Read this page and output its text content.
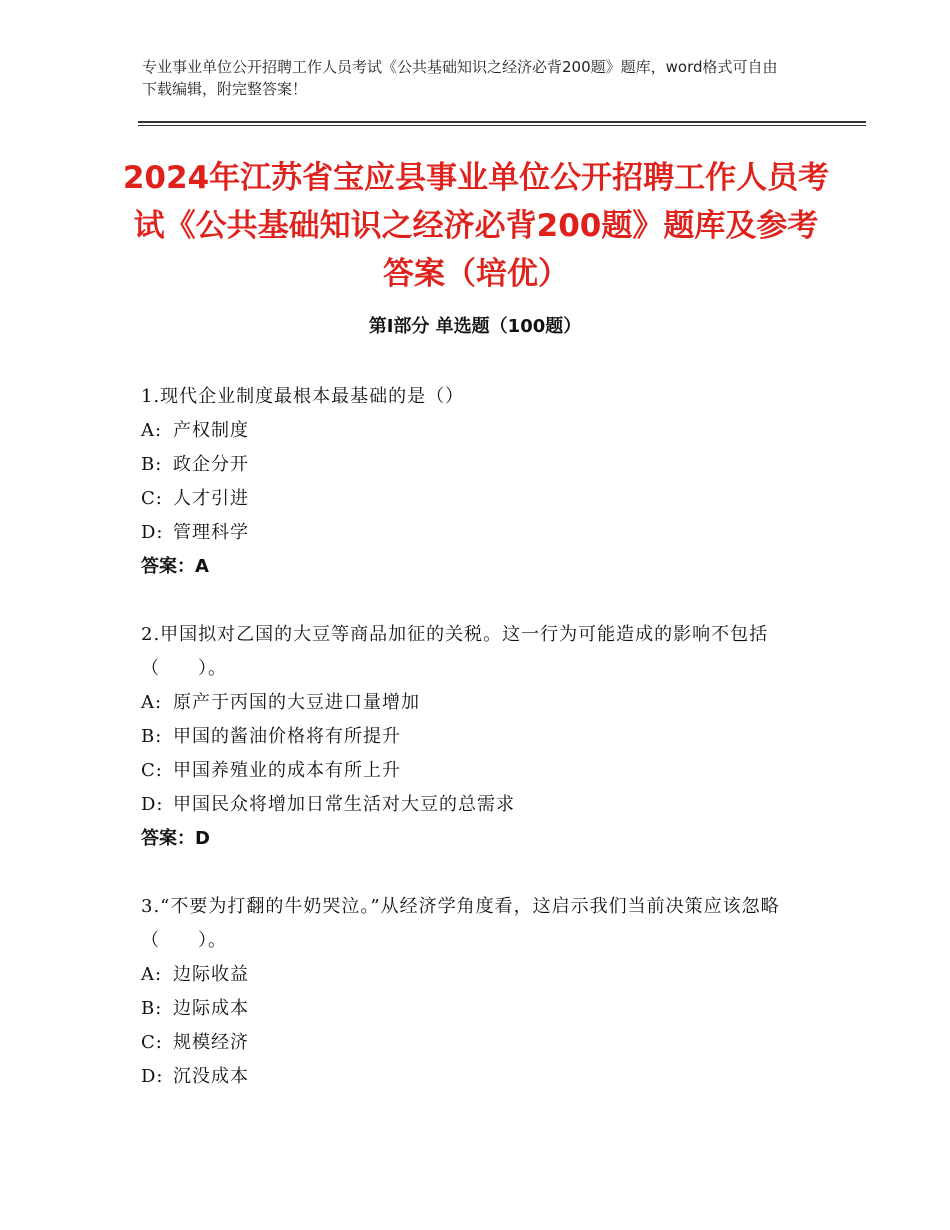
专业事业单位公开招聘工作人员考试《公共基础知识之经济必背200题》题库，word格式可自由下载编辑，附完整答案！

2024年江苏省宝应县事业单位公开招聘工作人员考试《公共基础知识之经济必背200题》题库及参考答案（培优）
第I部分 单选题（100题）

1.现代企业制度最根本最基础的是（）

A: 产权制度

B: 政企分开

C: 人才引进

D: 管理科学

答案：A

2.甲国拟对乙国的大豆等商品加征的关税。这一行为可能造成的影响不包括（　　）。

A: 原产于丙国的大豆进口量增加

B: 甲国的酱油价格将有所提升

C: 甲国养殖业的成本有所上升

D: 甲国民众将增加日常生活对大豆的总需求

答案：D

3.“不要为打翻的牛奶哭泣。”从经济学角度看，这启示我们当前决策应该忽略（　　）。

A: 边际收益

B: 边际成本

C: 规模经济

D: 沉没成本
